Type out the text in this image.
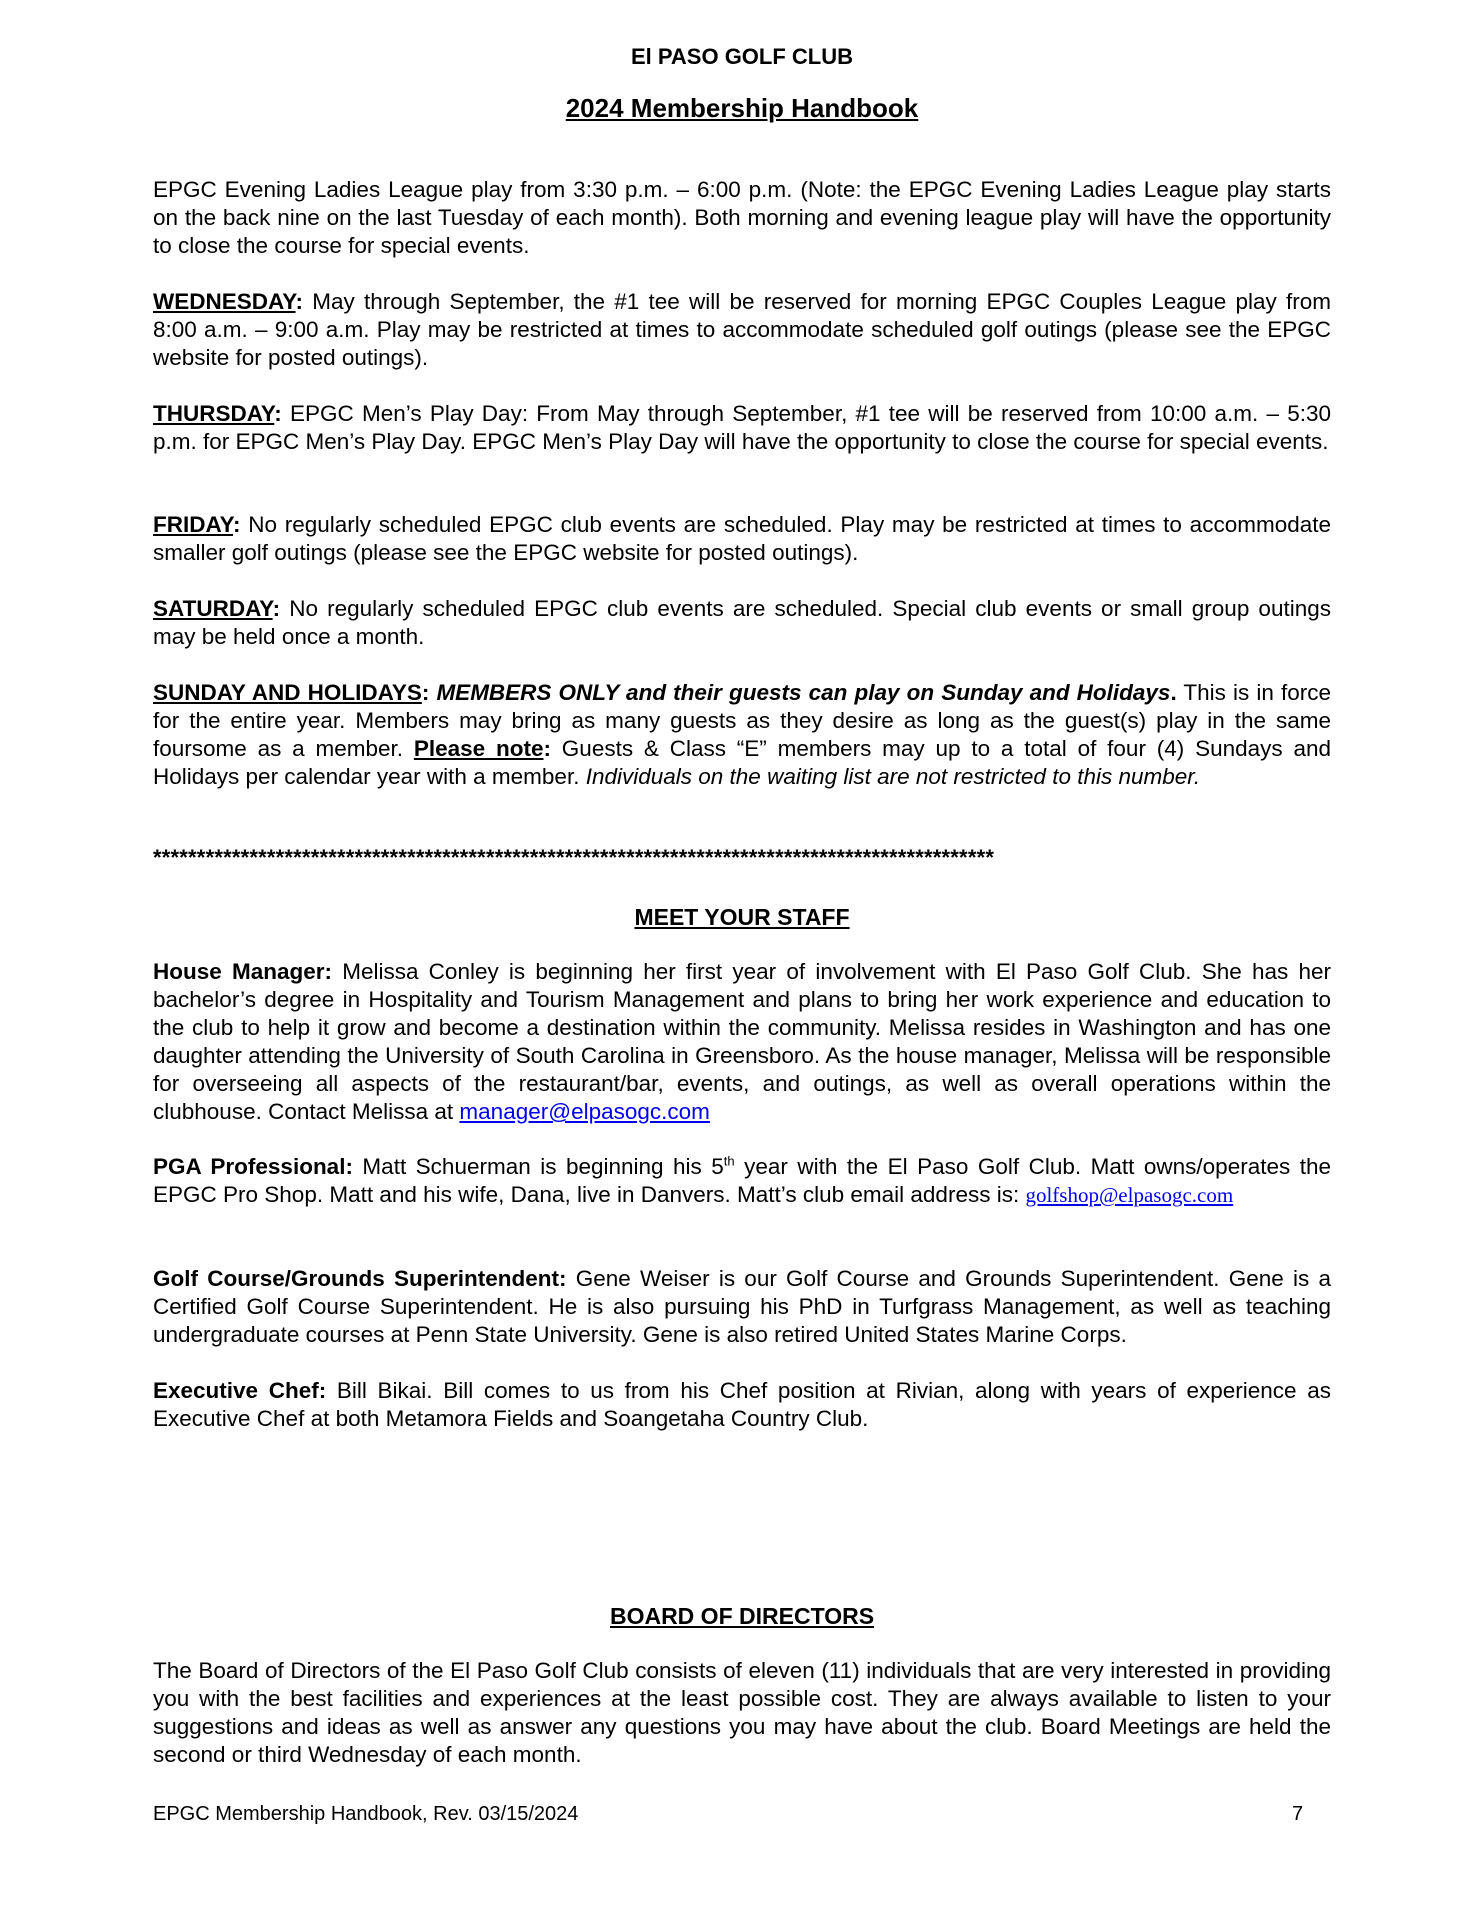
El PASO GOLF CLUB
2024 Membership Handbook
EPGC Evening Ladies League play from 3:30 p.m. – 6:00 p.m. (Note: the EPGC Evening Ladies League play starts on the back nine on the last Tuesday of each month). Both morning and evening league play will have the opportunity to close the course for special events.
WEDNESDAY: May through September, the #1 tee will be reserved for morning EPGC Couples League play from 8:00 a.m. – 9:00 a.m. Play may be restricted at times to accommodate scheduled golf outings (please see the EPGC website for posted outings).
THURSDAY: EPGC Men’s Play Day: From May through September, #1 tee will be reserved from 10:00 a.m. – 5:30 p.m. for EPGC Men’s Play Day. EPGC Men’s Play Day will have the opportunity to close the course for special events.
FRIDAY: No regularly scheduled EPGC club events are scheduled. Play may be restricted at times to accommodate smaller golf outings (please see the EPGC website for posted outings).
SATURDAY: No regularly scheduled EPGC club events are scheduled. Special club events or small group outings may be held once a month.
SUNDAY AND HOLIDAYS: MEMBERS ONLY and their guests can play on Sunday and Holidays. This is in force for the entire year. Members may bring as many guests as they desire as long as the guest(s) play in the same foursome as a member. Please note: Guests & Class “E” members may up to a total of four (4) Sundays and Holidays per calendar year with a member. Individuals on the waiting list are not restricted to this number.
************************************************************************************************
MEET YOUR STAFF
House Manager: Melissa Conley is beginning her first year of involvement with El Paso Golf Club. She has her bachelor’s degree in Hospitality and Tourism Management and plans to bring her work experience and education to the club to help it grow and become a destination within the community. Melissa resides in Washington and has one daughter attending the University of South Carolina in Greensboro. As the house manager, Melissa will be responsible for overseeing all aspects of the restaurant/bar, events, and outings, as well as overall operations within the clubhouse. Contact Melissa at manager@elpasogc.com
PGA Professional: Matt Schuerman is beginning his 5th year with the El Paso Golf Club. Matt owns/operates the EPGC Pro Shop. Matt and his wife, Dana, live in Danvers. Matt’s club email address is: golfshop@elpasogc.com
Golf Course/Grounds Superintendent: Gene Weiser is our Golf Course and Grounds Superintendent. Gene is a Certified Golf Course Superintendent. He is also pursuing his PhD in Turfgrass Management, as well as teaching undergraduate courses at Penn State University. Gene is also retired United States Marine Corps.
Executive Chef: Bill Bikai. Bill comes to us from his Chef position at Rivian, along with years of experience as Executive Chef at both Metamora Fields and Soangetaha Country Club.
BOARD OF DIRECTORS
The Board of Directors of the El Paso Golf Club consists of eleven (11) individuals that are very interested in providing you with the best facilities and experiences at the least possible cost. They are always available to listen to your suggestions and ideas as well as answer any questions you may have about the club. Board Meetings are held the second or third Wednesday of each month.
EPGC Membership Handbook, Rev. 03/15/2024	7
